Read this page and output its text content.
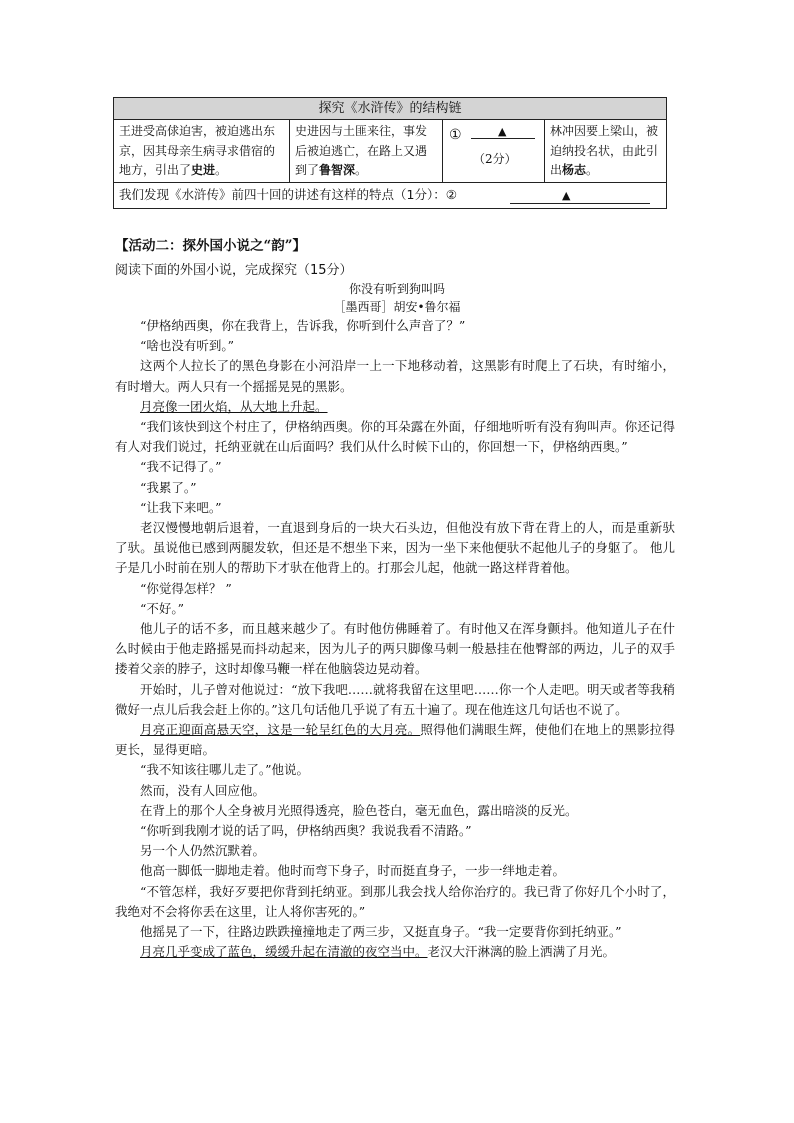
探究《水浒传》的结构链
王进受高俅迫害，被迫逃出东京，因其母亲生病寻求借宿的地方，引出了史进。
史进因与土匪来往，事发后被迫逃亡，在路上又遇到了鲁智深。
①	▲
（2分）
林冲因要上梁山，被迫纳投名状，由此引出杨志。
我们发现《水浒传》前四十回的讲述有这样的特点（1分）：②	▲
【活动二：探外国小说之“韵”】
阅读下面的外国小说，完成探究（15分）
你没有听到狗叫吗
［墨西哥］胡安•鲁尔福

“伊格纳西奥，你在我背上，告诉我，你听到什么声音了？”

“啥也没有听到。”

这两个人拉长了的黑色身影在小河沿岸一上一下地移动着，这黑影有时爬上了石块，有时缩小，有时增大。两人只有一个摇摇晃晃的黑影。

月亮像一团火焰，从大地上升起。

“我们该快到这个村庄了，伊格纳西奥。你的耳朵露在外面，仔细地听听有没有狗叫声。你还记得有人对我们说过，托纳亚就在山后面吗？我们从什么时候下山的，你回想一下，伊格纳西奥。”

“我不记得了。”

“我累了。”

“让我下来吧。”

老汉慢慢地朝后退着，一直退到身后的一块大石头边，但他没有放下背在背上的人，而是重新驮了驮。虽说他已感到两腿发软，但还是不想坐下来，因为一坐下来他便驮不起他儿子的身躯了。 他儿子是几小时前在别人的帮助下才驮在他背上的。打那会儿起，他就一路这样背着他。

“你觉得怎样？ ”

“不好。”

他儿子的话不多，而且越来越少了。有时他仿佛睡着了。有时他又在浑身颤抖。他知道儿子在什么时候由于他走路摇晃而抖动起来，因为儿子的两只脚像马刺一般悬挂在他臀部的两边，儿子的双手搂着父亲的脖子，这时却像马鞭一样在他脑袋边晃动着。

开始时，儿子曾对他说过：“放下我吧……就将我留在这里吧……你一个人走吧。明天或者等我稍微好一点儿后我会赶上你的。”这几句话他几乎说了有五十遍了。现在他连这几句话也不说了。

月亮正迎面高悬天空，这是一轮呈红色的大月亮。照得他们满眼生辉，使他们在地上的黑影拉得更长，显得更暗。

“我不知该往哪儿走了。”他说。

然而，没有人回应他。

在背上的那个人全身被月光照得透亮，脸色苍白，毫无血色，露出暗淡的反光。

“你听到我刚才说的话了吗，伊格纳西奥？我说我看不清路。”

另一个人仍然沉默着。

他高一脚低一脚地走着。他时而弯下身子，时而挺直身子，一步一绊地走着。

“不管怎样，我好歹要把你背到托纳亚。到那儿我会找人给你治疗的。我已背了你好几个小时了，我绝对不会将你丢在这里，让人将你害死的。”

他摇晃了一下，往路边跌跌撞撞地走了两三步，又挺直身子。“我一定要背你到托纳亚。”

月亮几乎变成了蓝色，缓缓升起在清澈的夜空当中。老汉大汗淋漓的脸上洒满了月光。
